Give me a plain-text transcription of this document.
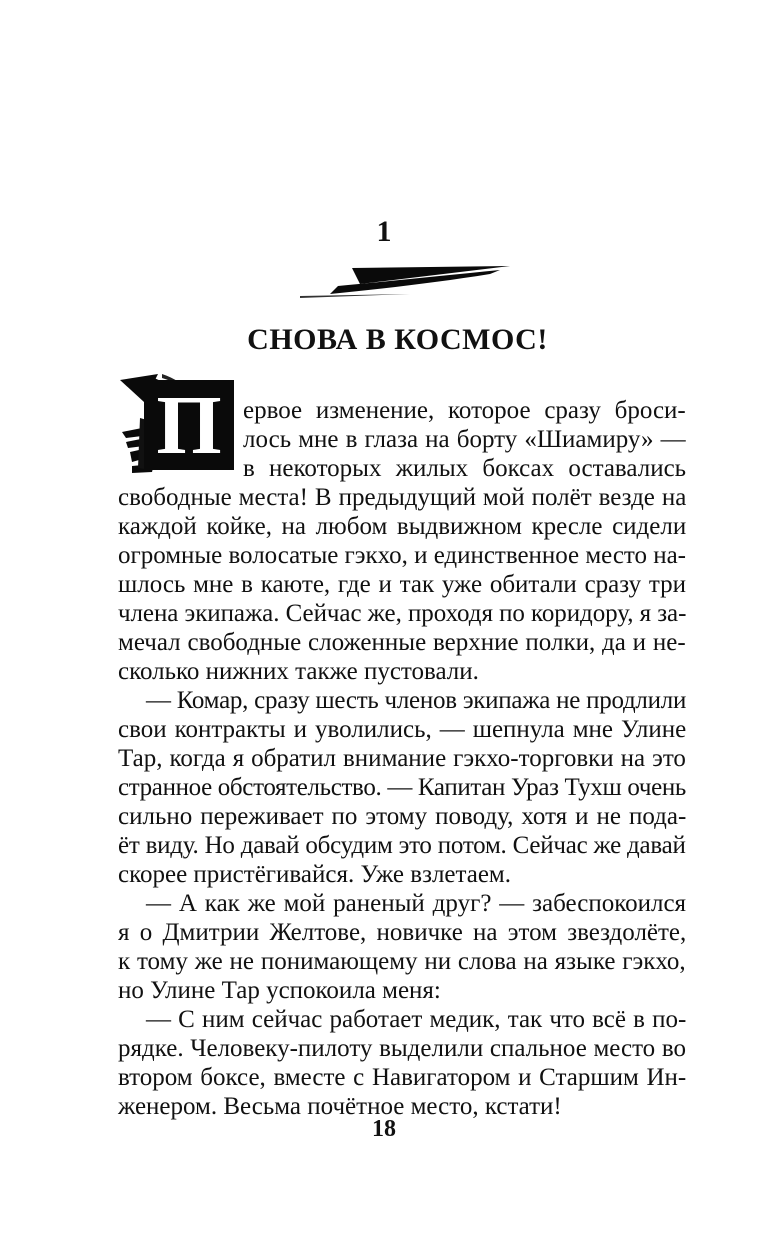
1
СНОВА В КОСМОС!
П ервое изменение, которое сразу броси-
лось мне в глаза на борту «Шиамиру» —
в некоторых жилых боксах оставались
свободные места! В предыдущий мой полёт везде на
каждой койке, на любом выдвижном кресле сидели
огромные волосатые гэкхо, и единственное место на-
шлось мне в каюте, где и так уже обитали сразу три
члена экипажа. Сейчас же, проходя по коридору, я за-
мечал свободные сложенные верхние полки, да и не-
сколько нижних также пустовали.
— Комар, сразу шесть членов экипажа не продлили
свои контракты и уволились, — шепнула мне Улине
Тар, когда я обратил внимание гэкхо-торговки на это
странное обстоятельство. — Капитан Ураз Тухш очень
сильно переживает по этому поводу, хотя и не пода-
ёт виду. Но давай обсудим это потом. Сейчас же давай
скорее пристёгивайся. Уже взлетаем.
— А как же мой раненый друг? — забеспокоился
я о Дмитрии Желтове, новичке на этом звездолёте,
к тому же не понимающему ни слова на языке гэкхо,
но Улине Тар успокоила меня:
— С ним сейчас работает медик, так что всё в по-
рядке. Человеку-пилоту выделили спальное место во
втором боксе, вместе с Навигатором и Старшим Ин-
женером. Весьма почётное место, кстати!
18
